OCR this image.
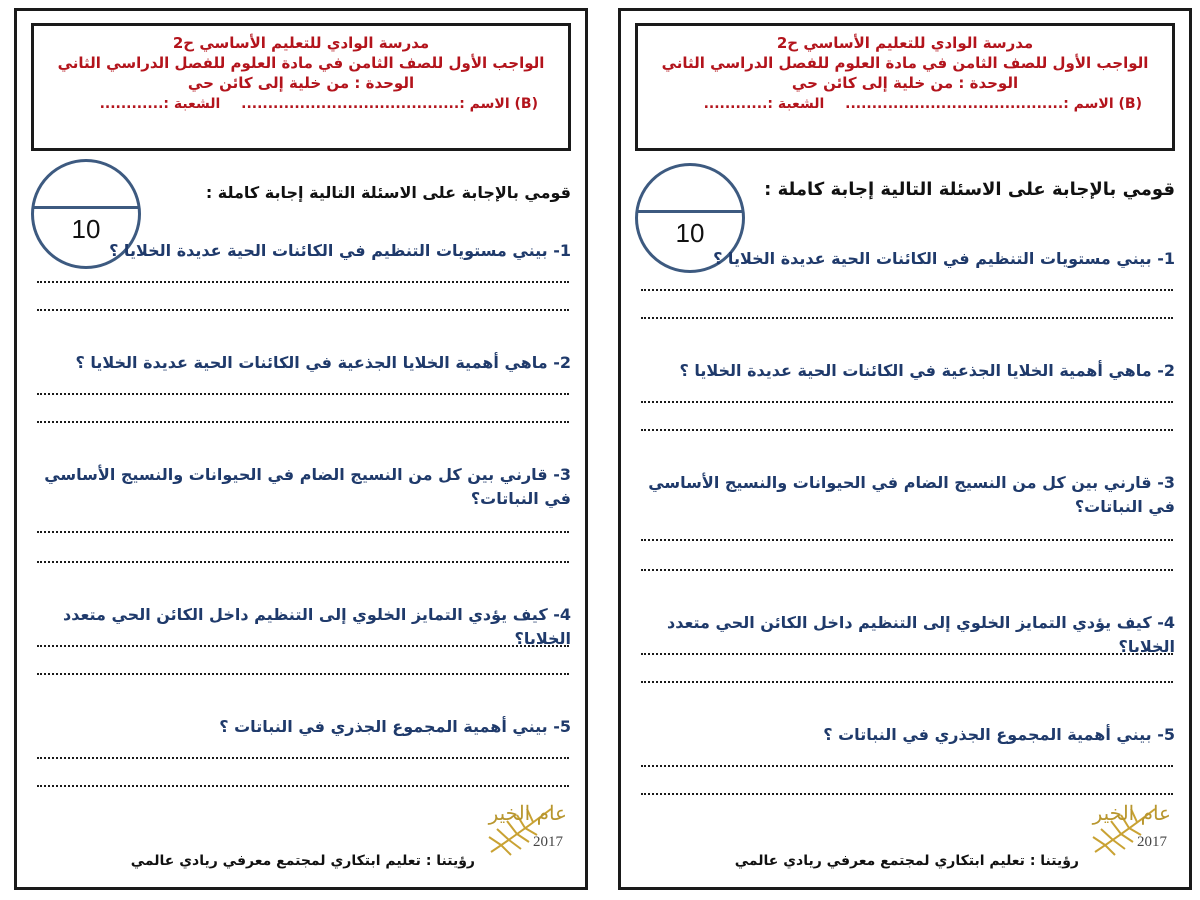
مدرسة الوادي للتعليم الأساسي ح2
الواجب الأول للصف الثامن في مادة العلوم للفصل الدراسي الثاني
الوحدة : من خلية إلى كائن حي
(B) الاسم :......................................... الشعبة :............
10
قومي بالإجابة على الاسئلة التالية إجابة كاملة :
1- بيني مستويات التنظيم في الكائنات الحية عديدة الخلايا ؟
2- ماهي أهمية الخلايا الجذعية في الكائنات الحية عديدة الخلايا ؟
3- قارني بين كل من النسيج الضام في الحيوانات والنسيج الأساسي في النباتات؟
4- كيف يؤدي التمايز الخلوي إلى التنظيم داخل الكائن الحي متعدد الخلايا؟
5- بيني أهمية المجموع الجذري في النباتات ؟
عام الخير
2017
رؤيتنا : تعليم ابتكاري لمجتمع معرفي ريادي عالمي
مدرسة الوادي للتعليم الأساسي ح2
الواجب الأول للصف الثامن في مادة العلوم للفصل الدراسي الثاني
الوحدة : من خلية إلى كائن حي
(B) الاسم :......................................... الشعبة :............
10
قومي بالإجابة على الاسئلة التالية إجابة كاملة :
1- بيني مستويات التنظيم في الكائنات الحية عديدة الخلايا ؟
2- ماهي أهمية الخلايا الجذعية في الكائنات الحية عديدة الخلايا ؟
3- قارني بين كل من النسيج الضام في الحيوانات والنسيج الأساسي في النباتات؟
4- كيف يؤدي التمايز الخلوي إلى التنظيم داخل الكائن الحي متعدد الخلايا؟
5- بيني أهمية المجموع الجذري في النباتات ؟
عام الخير
2017
رؤيتنا : تعليم ابتكاري لمجتمع معرفي ريادي عالمي
